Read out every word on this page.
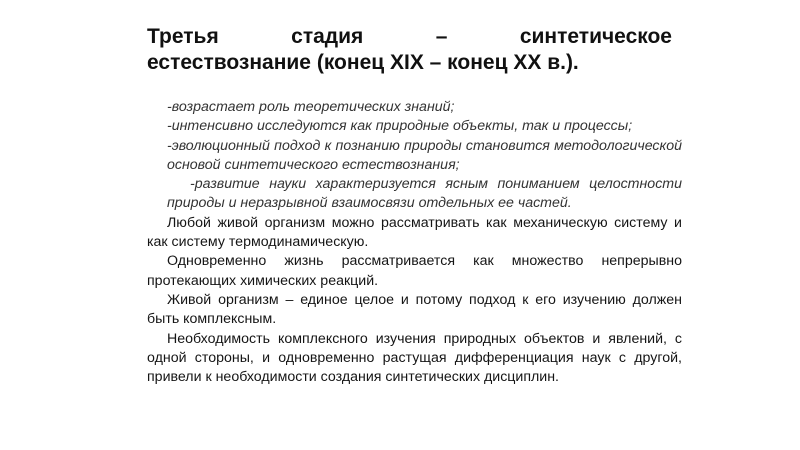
Третья стадия – синтетическое
естествознание (конец XIX – конец XX в.).

-возрастает роль теоретических знаний;

-интенсивно исследуются как природные объекты, так и процессы;

-эволюционный подход к познанию природы становится методологической основой синтетического естествознания;

-развитие науки характеризуется ясным пониманием целостности природы и неразрывной взаимосвязи отдельных ее частей.

Любой живой организм можно рассматривать как механическую систему и как систему термодинамическую.

Одновременно жизнь рассматривается как множество непрерывно протекающих химических реакций.

Живой организм – единое целое и потому подход к его изучению должен быть комплексным.

Необходимость комплексного изучения природных объектов и явлений, с одной стороны, и одновременно растущая дифференциация наук с другой, привели к необходимости создания синтетических дисциплин.
